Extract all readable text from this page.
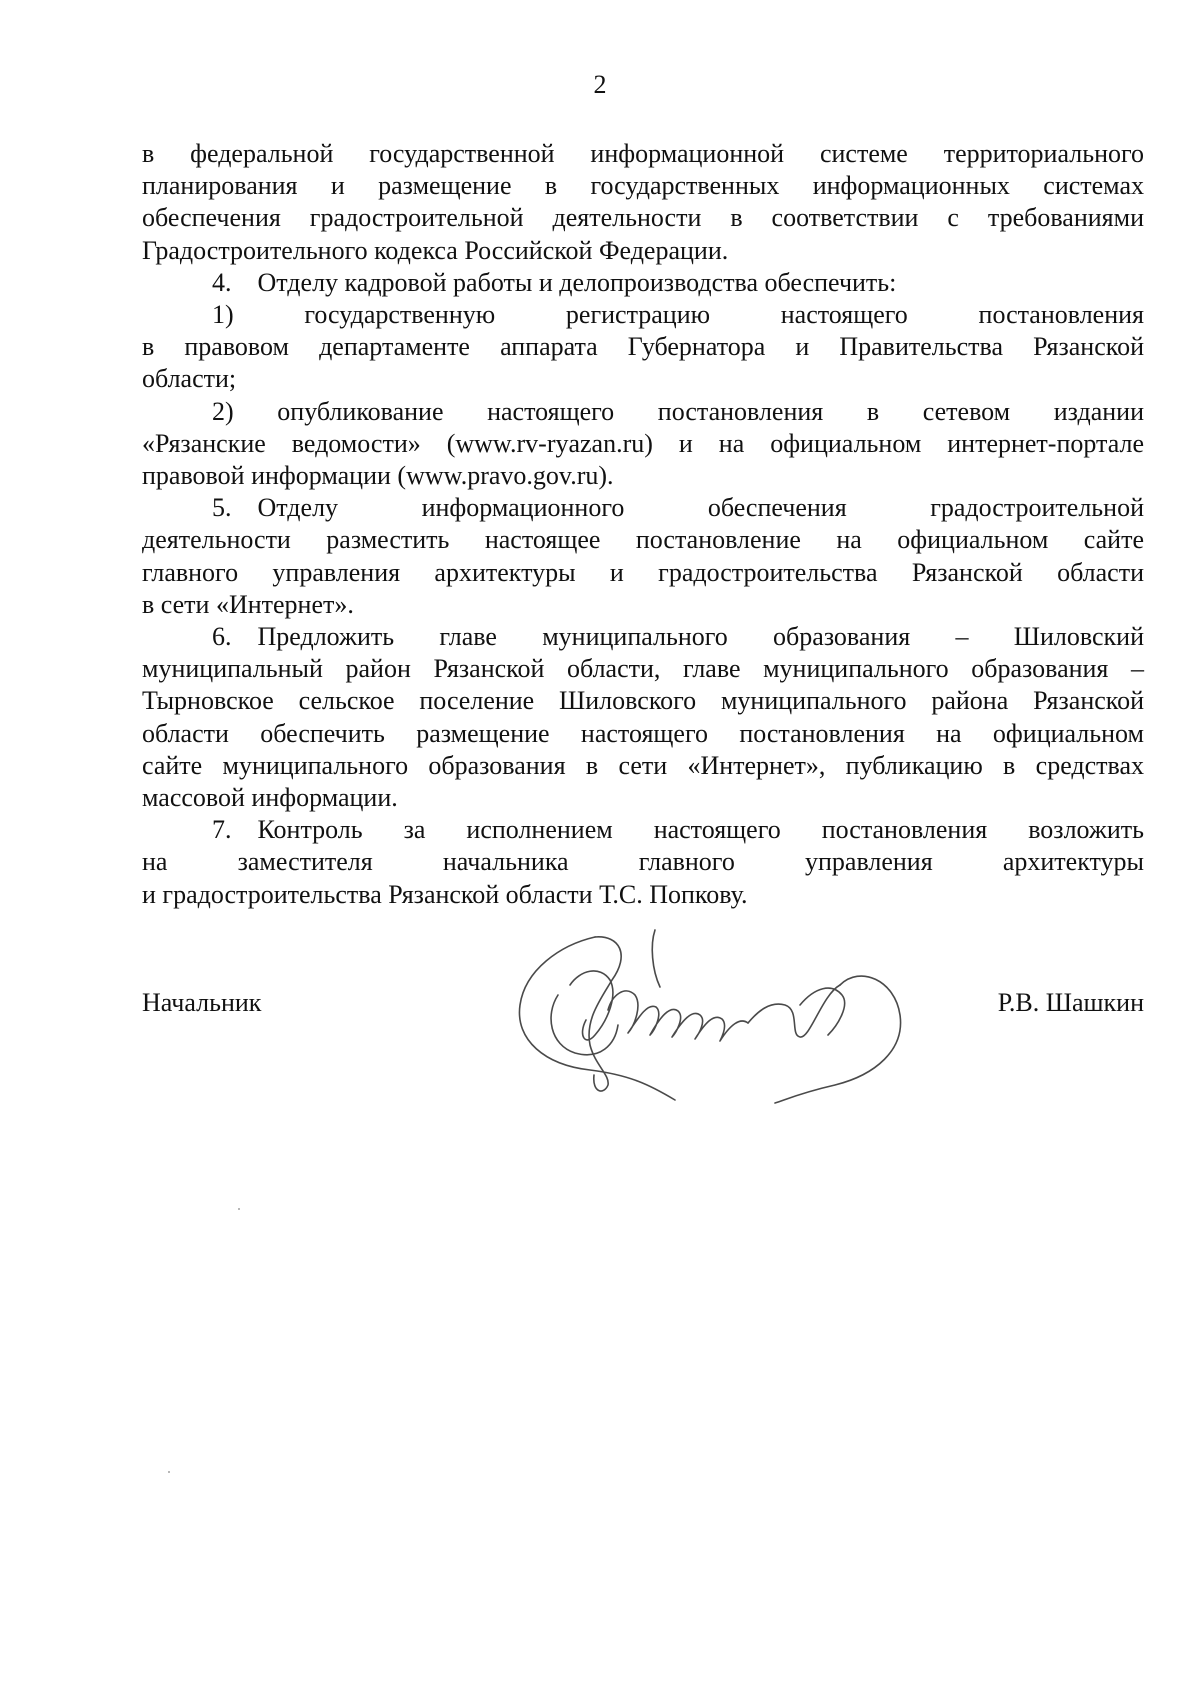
2

в федеральной государственной информационной системе территориального

планирования и размещение в государственных информационных системах

обеспечения градостроительной деятельности в соответствии с требованиями

Градостроительного кодекса Российской Федерации.

4. Отделу кадровой работы и делопроизводства обеспечить:

1) государственную регистрацию настоящего постановления

в правовом департаменте аппарата Губернатора и Правительства Рязанской

области;

2) опубликование настоящего постановления в сетевом издании

«Рязанские ведомости» (www.rv-ryazan.ru) и на официальном интернет-портале

правовой информации (www.pravo.gov.ru).

5. Отделу информационного обеспечения градостроительной

деятельности разместить настоящее постановление на официальном сайте

главного управления архитектуры и градостроительства Рязанской области

в сети «Интернет».

6. Предложить главе муниципального образования – Шиловский

муниципальный район Рязанской области, главе муниципального образования –

Тырновское сельское поселение Шиловского муниципального района Рязанской

области обеспечить размещение настоящего постановления на официальном

сайте муниципального образования в сети «Интернет», публикацию в средствах

массовой информации.

7. Контроль за исполнением настоящего постановления возложить

на заместителя начальника главного управления архитектуры

и градостроительства Рязанской области Т.С. Попкову.

Начальник	Р.В. Шашкин
